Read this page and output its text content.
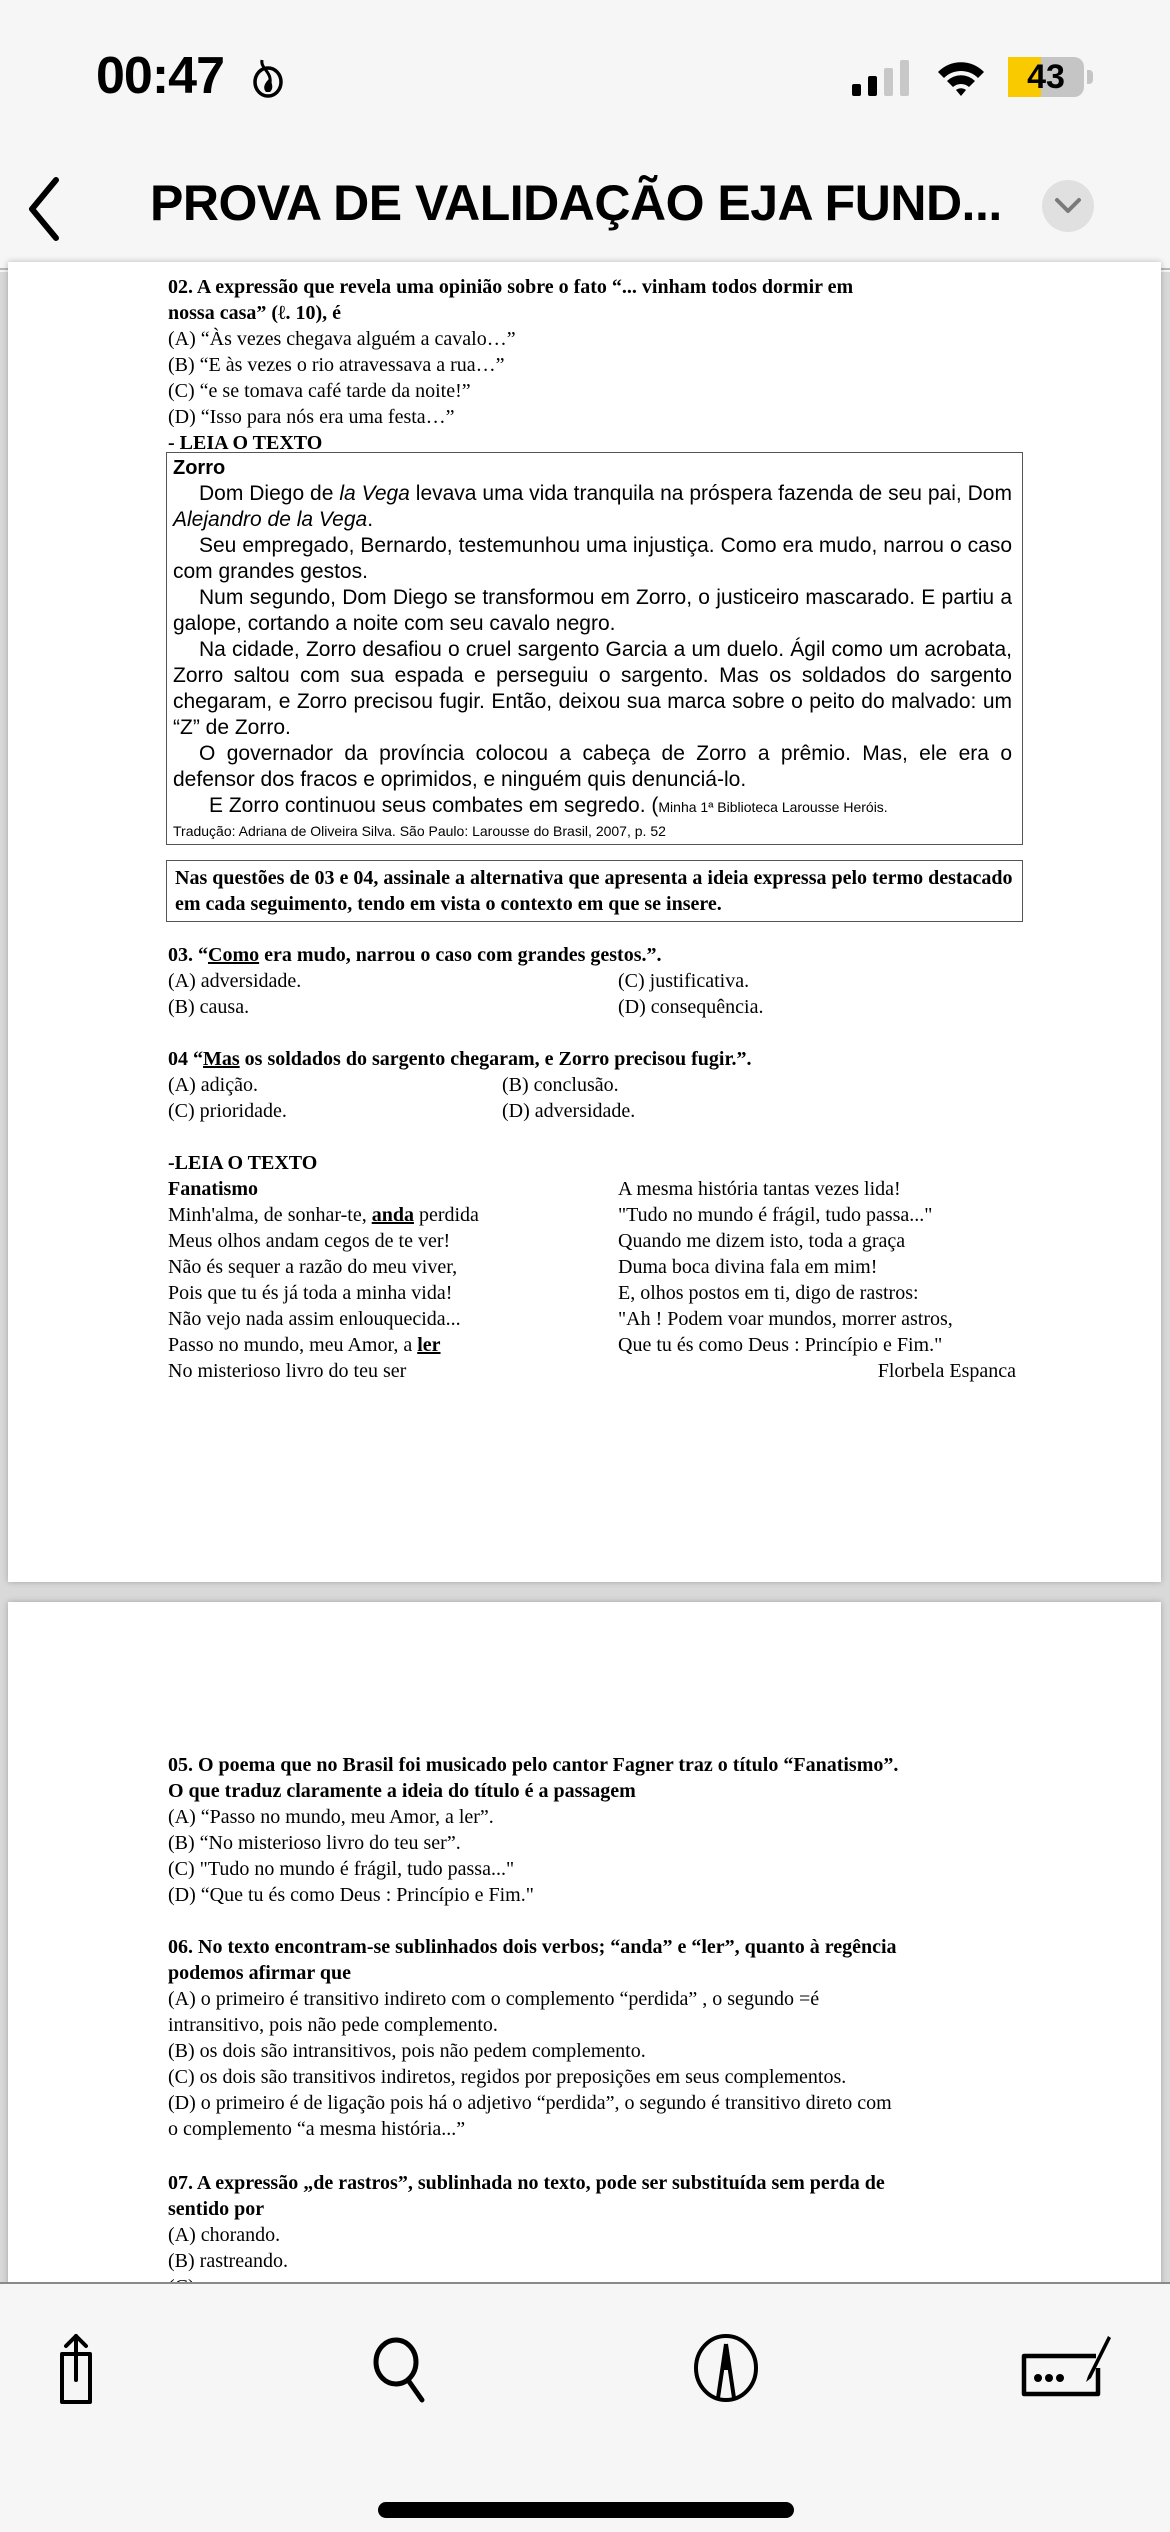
00:47	43
PROVA DE VALIDAÇÃO EJA FUND...
02. A expressão que revela uma opinião sobre o fato “... vinham todos dormir em
nossa casa” (ℓ. 10), é
(A) “Às vezes chegava alguém a cavalo…”
(B) “E às vezes o rio atravessava a rua…”
(C) “e se tomava café tarde da noite!”
(D) “Isso para nós era uma festa…”
- LEIA O TEXTO

Zorro

Dom Diego de la Vega levava uma vida tranquila na próspera fazenda de seu pai, Dom Alejandro de la Vega.

Seu empregado, Bernardo, testemunhou uma injustiça. Como era mudo, narrou o caso com grandes gestos.

Num segundo, Dom Diego se transformou em Zorro, o justiceiro mascarado. E partiu a galope, cortando a noite com seu cavalo negro.

Na cidade, Zorro desafiou o cruel sargento Garcia a um duelo. Ágil como um acrobata, Zorro saltou com sua espada e perseguiu o sargento. Mas os soldados do sargento chegaram, e Zorro precisou fugir. Então, deixou sua marca sobre o peito do malvado: um “Z” de Zorro.

O governador da província colocou a cabeça de Zorro a prêmio. Mas, ele era o defensor dos fracos e oprimidos, e ninguém quis denunciá-lo.

E Zorro continuou seus combates em segredo. (Minha 1ª Biblioteca Larousse Heróis.

Tradução: Adriana de Oliveira Silva. São Paulo: Larousse do Brasil, 2007, p. 52

Nas questões de 03 e 04, assinale a alternativa que apresenta a ideia expressa pelo termo destacado em cada seguimento, tendo em vista o contexto em que se insere.
03. “Como era mudo, narrou o caso com grandes gestos.”.
(A) adversidade.
(B) causa.
(C) justificativa.
(D) consequência.
04 “Mas os soldados do sargento chegaram, e Zorro precisou fugir.”.
(A) adição.
(C) prioridade.
(B) conclusão.
(D) adversidade.
-LEIA O TEXTO
Fanatismo
Minh'alma, de sonhar-te, anda perdida
Meus olhos andam cegos de te ver!
Não és sequer a razão do meu viver,
Pois que tu és já toda a minha vida!
Não vejo nada assim enlouquecida...
Passo no mundo, meu Amor, a ler
No misterioso livro do teu ser
A mesma história tantas vezes lida!
"Tudo no mundo é frágil, tudo passa..."
Quando me dizem isto, toda a graça
Duma boca divina fala em mim!
E, olhos postos em ti, digo de rastros:
"Ah ! Podem voar mundos, morrer astros,
Que tu és como Deus : Princípio e Fim."
Florbela Espanca
05. O poema que no Brasil foi musicado pelo cantor Fagner traz o título “Fanatismo”.
O que traduz claramente a ideia do título é a passagem
(A) “Passo no mundo, meu Amor, a ler”.
(B) “No misterioso livro do teu ser”.
(C) "Tudo no mundo é frágil, tudo passa..."
(D) “Que tu és como Deus : Princípio e Fim."
06. No texto encontram-se sublinhados dois verbos; “anda” e “ler”, quanto à regência
podemos afirmar que
(A) o primeiro é transitivo indireto com o complemento “perdida” , o segundo =é
intransitivo, pois não pede complemento.
(B) os dois são intransitivos, pois não pedem complemento.
(C) os dois são transitivos indiretos, regidos por preposições em seus complementos.
(D) o primeiro é de ligação pois há o adjetivo “perdida”, o segundo é transitivo direto com
o complemento “a mesma história...”
07. A expressão „de rastros”, sublinhada no texto, pode ser substituída sem perda de
sentido por
(A) chorando.
(B) rastreando.
